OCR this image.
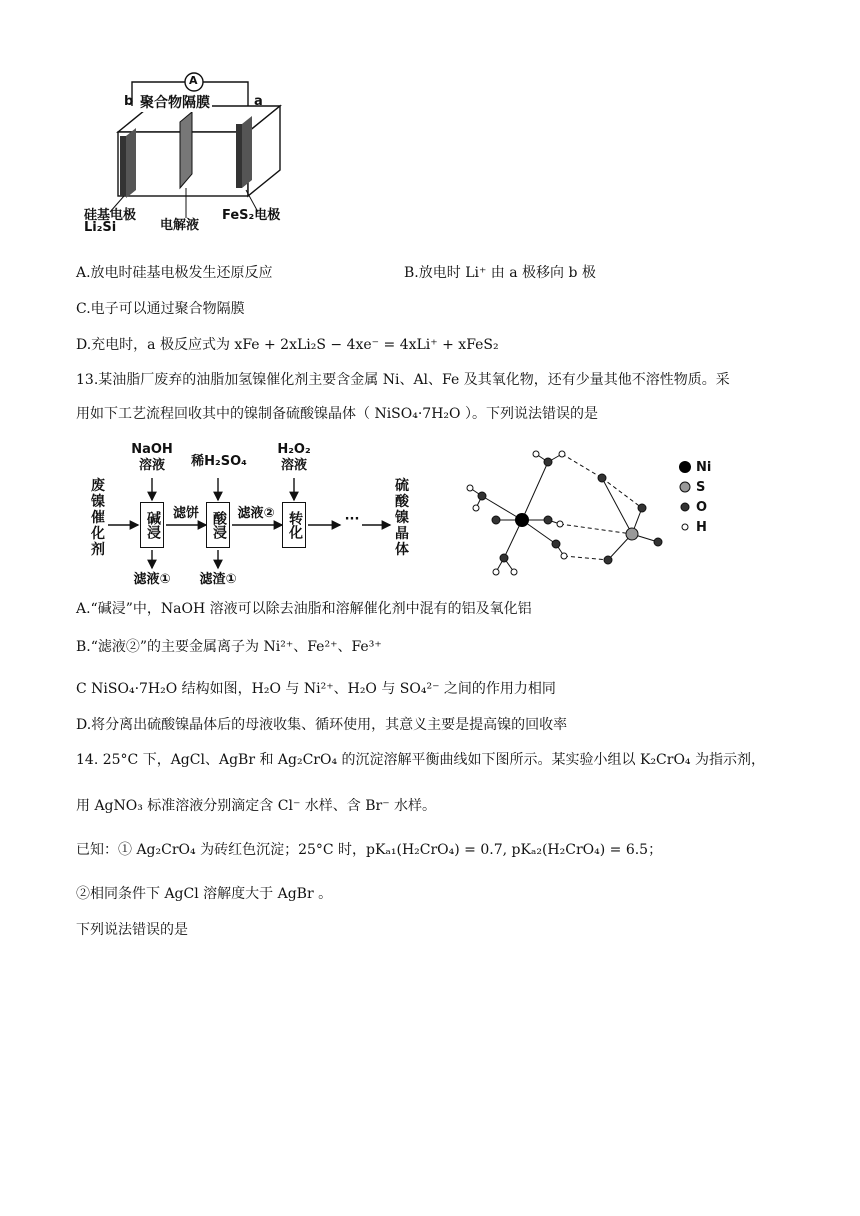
A
聚合物隔膜
b	a
硅基电极
Li₂Si	电解液
FeS₂电极
A.放电时硅基电极发生还原反应	B.放电时 Li⁺ 由 a 极移向 b 极
C.电子可以通过聚合物隔膜
D.充电时，a 极反应式为 xFe + 2xLi₂S − 4xe⁻ = 4xLi⁺ + xFeS₂
13.某油脂厂废弃的油脂加氢镍催化剂主要含金属 Ni、Al、Fe 及其氧化物，还有少量其他不溶性物质。采
用如下工艺流程回收其中的镍制备硫酸镍晶体（ NiSO₄·7H₂O ）。下列说法错误的是
废镍催化剂
NaOH溶液	稀H₂SO₄
H₂O₂溶液
碱浸	酸浸	转化
滤饼	滤液②	···
硫酸镍晶体
滤液①	滤渣①
Ni
S
O
H
A.“碱浸”中，NaOH 溶液可以除去油脂和溶解催化剂中混有的铝及氧化铝
B.“滤液②”的主要金属离子为 Ni²⁺、Fe²⁺、Fe³⁺
C NiSO₄·7H₂O 结构如图，H₂O 与 Ni²⁺、H₂O 与 SO₄²⁻ 之间的作用力相同
D.将分离出硫酸镍晶体后的母液收集、循环使用，其意义主要是提高镍的回收率
14. 25°C 下，AgCl、AgBr 和 Ag₂CrO₄ 的沉淀溶解平衡曲线如下图所示。某实验小组以 K₂CrO₄ 为指示剂，
用 AgNO₃ 标准溶液分别滴定含 Cl⁻ 水样、含 Br⁻ 水样。
已知：① Ag₂CrO₄ 为砖红色沉淀；25°C 时，pKₐ₁(H₂CrO₄) = 0.7, pKₐ₂(H₂CrO₄) = 6.5；
②相同条件下 AgCl 溶解度大于 AgBr 。
下列说法错误的是
